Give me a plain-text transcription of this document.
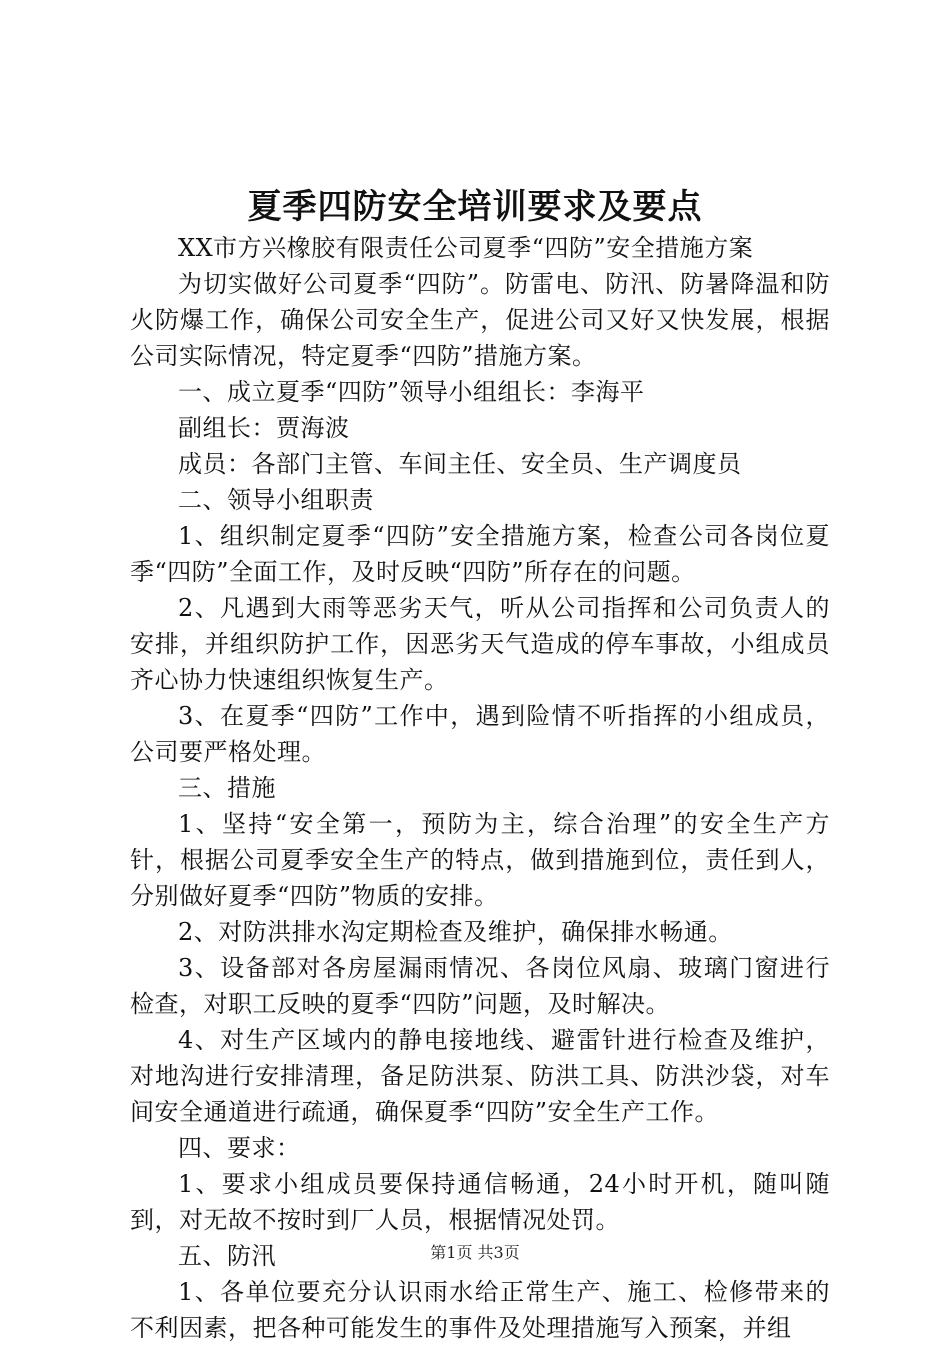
夏季四防安全培训要求及要点

XX市方兴橡胶有限责任公司夏季“四防”安全措施方案

为切实做好公司夏季“四防”。防雷电、防汛、防暑降温和防火防爆工作，确保公司安全生产，促进公司又好又快发展，根据公司实际情况，特定夏季“四防”措施方案。

一、成立夏季“四防”领导小组组长：李海平

副组长：贾海波

成员：各部门主管、车间主任、安全员、生产调度员

二、领导小组职责

1、组织制定夏季“四防”安全措施方案，检查公司各岗位夏季“四防”全面工作，及时反映“四防”所存在的问题。

2、凡遇到大雨等恶劣天气，听从公司指挥和公司负责人的安排，并组织防护工作，因恶劣天气造成的停车事故，小组成员齐心协力快速组织恢复生产。

3、在夏季“四防”工作中，遇到险情不听指挥的小组成员，公司要严格处理。

三、措施

1、坚持“安全第一，预防为主，综合治理”的安全生产方针，根据公司夏季安全生产的特点，做到措施到位，责任到人，分别做好夏季“四防”物质的安排。

2、对防洪排水沟定期检查及维护，确保排水畅通。

3、设备部对各房屋漏雨情况、各岗位风扇、玻璃门窗进行检查，对职工反映的夏季“四防”问题，及时解决。

4、对生产区域内的静电接地线、避雷针进行检查及维护，对地沟进行安排清理，备足防洪泵、防洪工具、防洪沙袋，对车间安全通道进行疏通，确保夏季“四防”安全生产工作。

四、要求：

1、要求小组成员要保持通信畅通，24小时开机，随叫随到，对无故不按时到厂人员，根据情况处罚。

五、防汛

1、各单位要充分认识雨水给正常生产、施工、检修带来的不利因素，把各种可能发生的事件及处理措施写入预案，并组

第1页 共3页
